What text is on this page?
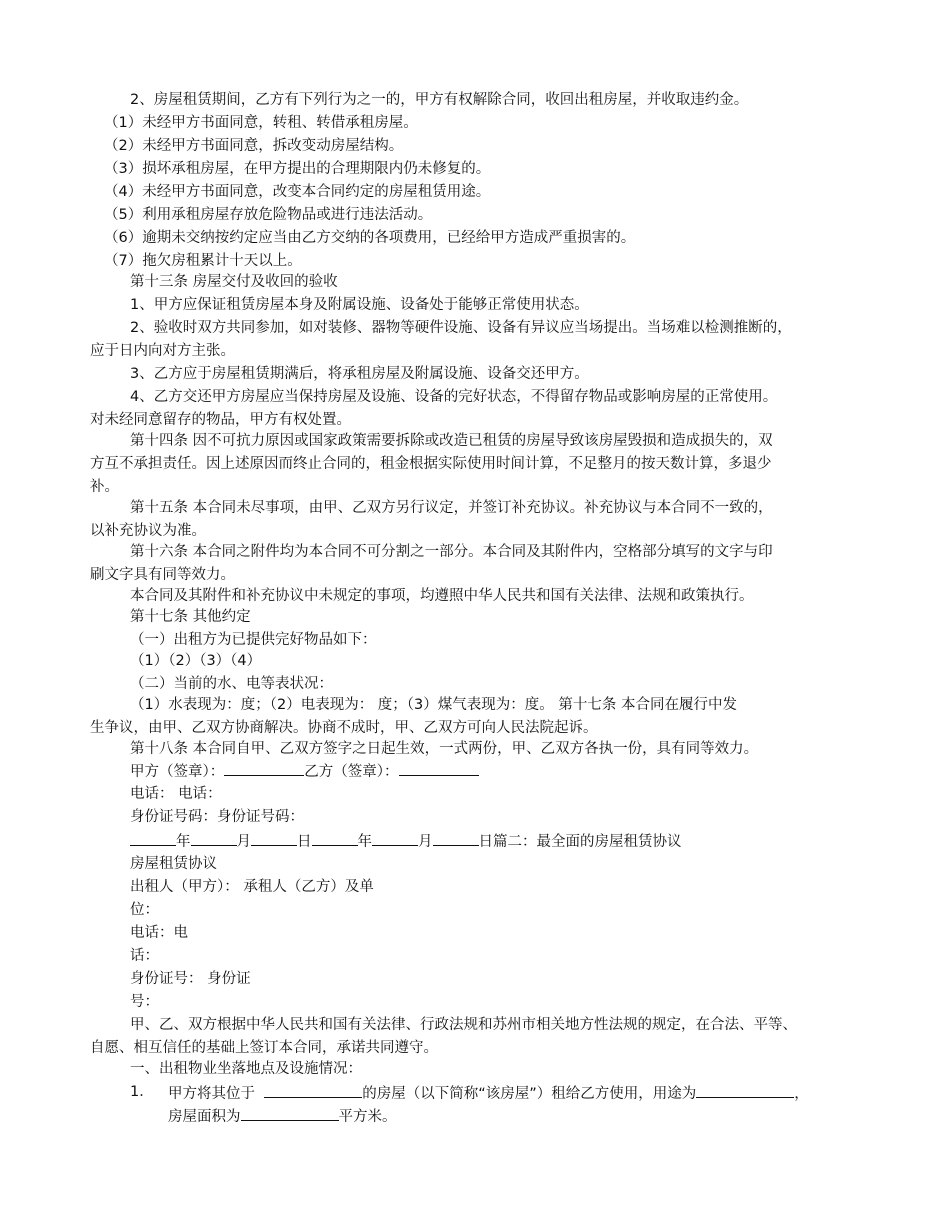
2、房屋租赁期间，乙方有下列行为之一的，甲方有权解除合同，收回出租房屋，并收取违约金。
（1）未经甲方书面同意，转租、转借承租房屋。
（2）未经甲方书面同意，拆改变动房屋结构。
（3）损坏承租房屋，在甲方提出的合理期限内仍未修复的。
（4）未经甲方书面同意，改变本合同约定的房屋租赁用途。
（5）利用承租房屋存放危险物品或进行违法活动。
（6）逾期未交纳按约定应当由乙方交纳的各项费用，已经给甲方造成严重损害的。
（7）拖欠房租累计十天以上。
第十三条 房屋交付及收回的验收
1、甲方应保证租赁房屋本身及附属设施、设备处于能够正常使用状态。
2、验收时双方共同参加，如对装修、器物等硬件设施、设备有异议应当场提出。当场难以检测推断的，
应于日内向对方主张。
3、乙方应于房屋租赁期满后，将承租房屋及附属设施、设备交还甲方。
4、乙方交还甲方房屋应当保持房屋及设施、设备的完好状态，不得留存物品或影响房屋的正常使用。
对未经同意留存的物品，甲方有权处置。
第十四条 因不可抗力原因或国家政策需要拆除或改造已租赁的房屋导致该房屋毁损和造成损失的，双
方互不承担责任。因上述原因而终止合同的，租金根据实际使用时间计算，不足整月的按天数计算，多退少
补。
第十五条 本合同未尽事项，由甲、乙双方另行议定，并签订补充协议。补充协议与本合同不一致的，
以补充协议为准。
第十六条 本合同之附件均为本合同不可分割之一部分。本合同及其附件内，空格部分填写的文字与印
刷文字具有同等效力。
本合同及其附件和补充协议中未规定的事项，均遵照中华人民共和国有关法律、法规和政策执行。
第十七条 其他约定
（一）出租方为已提供完好物品如下：
（1）（2）（3）（4）
（二）当前的水、电等表状况：
（1）水表现为：度；（2）电表现为： 度；（3）煤气表现为：度。 第十七条 本合同在履行中发
生争议，由甲、乙双方协商解决。协商不成时，甲、乙双方可向人民法院起诉。
第十八条 本合同自甲、乙双方签字之日起生效，一式两份，甲、乙双方各执一份，具有同等效力。
甲方（签章）：	乙方（签章）：
电话： 电话：
身份证号码：身份证号码：
年	月	日	年	月	日篇二：最全面的房屋租赁协议
房屋租赁协议
出租人（甲方）： 承租人（乙方）及单
位：
电话：电
话：
身份证号： 身份证
号：
甲、乙、双方根据中华人民共和国有关法律、行政法规和苏州市相关地方性法规的规定，在合法、平等、
自愿、相互信任的基础上签订本合同，承诺共同遵守。
一、出租物业坐落地点及设施情况：
1． 甲方将其位于	的房屋（以下简称“该房屋”）租给乙方使用，用途为	，
房屋面积为	平方米。
